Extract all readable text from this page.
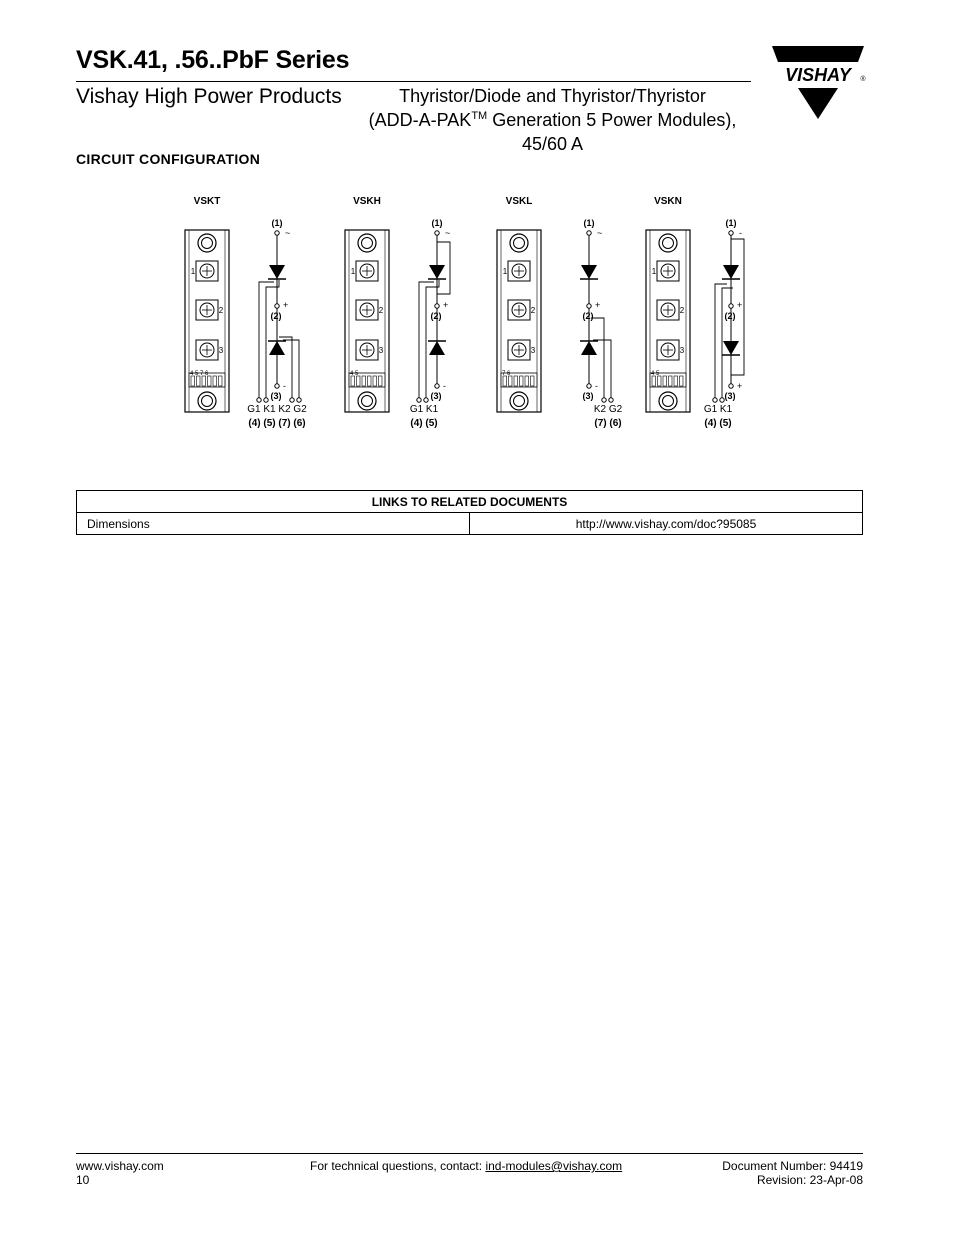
VSK.41, .56..PbF Series
Vishay High Power Products	Thyristor/Diode and Thyristor/Thyristor
(ADD-A-PAK™ Generation 5 Power Modules),
45/60 A
VISHAY ®
CIRCUIT CONFIGURATION
VSKT
1
2
3
4 5 7 6
(1)
~
(2)
+
(3)
-
G1 K1 K2 G2
(4) (5) (7) (6)
VSKH
1
2
3
4 5
(1)
~
(2)
+
(3)
-
G1 K1
(4) (5)
VSKL
1
2
3
7 6
(1)
~
(2)
+
(3)
-
K2 G2
(7) (6)
VSKN
1
2
3
4 5
(1)
-
(2)
+
(3)
+
G1 K1
(4) (5)
LINKS TO RELATED DOCUMENTS
Dimensions	http://www.vishay.com/doc?95085
www.vishay.com
10
For technical questions, contact: ind-modules@vishay.com	Document Number: 94419
Revision: 23-Apr-08
